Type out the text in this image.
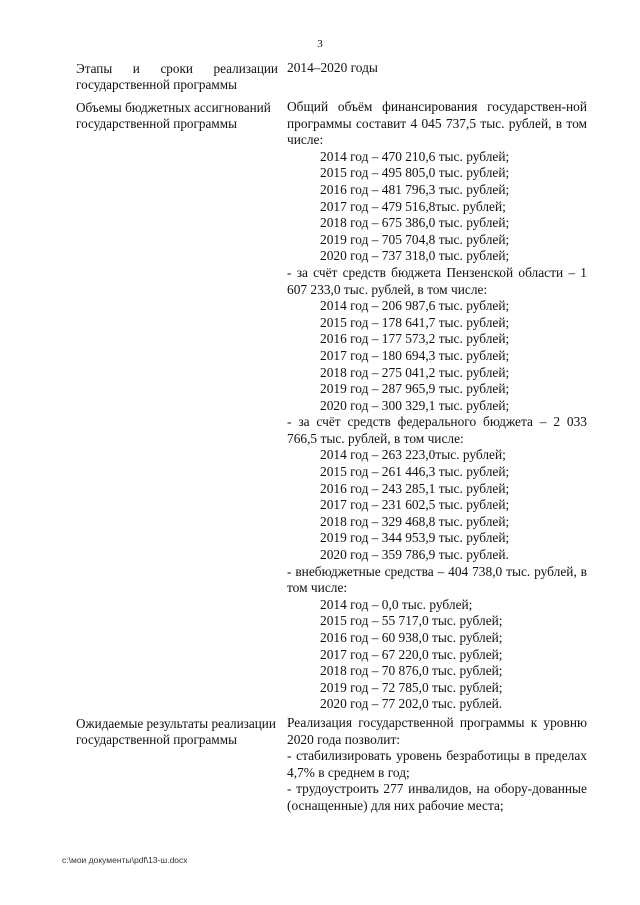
3
Этапы и сроки реализации государственной программы
2014–2020 годы
Объемы бюджетных ассигнований государственной программы
Общий объём финансирования государствен-ной программы составит 4 045 737,5 тыс. рублей, в том числе:
2014 год – 470 210,6 тыс. рублей;
2015 год – 495 805,0 тыс. рублей;
2016 год – 481 796,3 тыс. рублей;
2017 год – 479 516,8тыс. рублей;
2018 год – 675 386,0 тыс. рублей;
2019 год – 705 704,8 тыс. рублей;
2020 год – 737 318,0 тыс. рублей;
- за счёт средств бюджета Пензенской области – 1 607 233,0 тыс. рублей, в том числе:
2014 год – 206 987,6 тыс. рублей;
2015 год – 178 641,7 тыс. рублей;
2016 год – 177 573,2 тыс. рублей;
2017 год – 180 694,3 тыс. рублей;
2018 год – 275 041,2 тыс. рублей;
2019 год – 287 965,9 тыс. рублей;
2020 год – 300 329,1 тыс. рублей;
- за счёт средств федерального бюджета – 2 033 766,5 тыс. рублей, в том числе:
2014 год – 263 223,0тыс. рублей;
2015 год – 261 446,3 тыс. рублей;
2016 год – 243 285,1 тыс. рублей;
2017 год – 231 602,5 тыс. рублей;
2018 год – 329 468,8 тыс. рублей;
2019 год – 344 953,9 тыс. рублей;
2020 год – 359 786,9 тыс. рублей.
- внебюджетные средства – 404 738,0 тыс. рублей, в том числе:
2014 год – 0,0 тыс. рублей;
2015 год – 55 717,0 тыс. рублей;
2016 год – 60 938,0 тыс. рублей;
2017 год – 67 220,0 тыс. рублей;
2018 год – 70 876,0 тыс. рублей;
2019 год – 72 785,0 тыс. рублей;
2020 год – 77 202,0 тыс. рублей.
Ожидаемые результаты реализации государственной программы
Реализация государственной программы к уровню 2020 года позволит:
- стабилизировать уровень безработицы в пределах 4,7% в среднем в год;
- трудоустроить 277 инвалидов, на обору-дованные (оснащенные) для них рабочие места;
c:\мои документы\pdf\13-ш.docx
